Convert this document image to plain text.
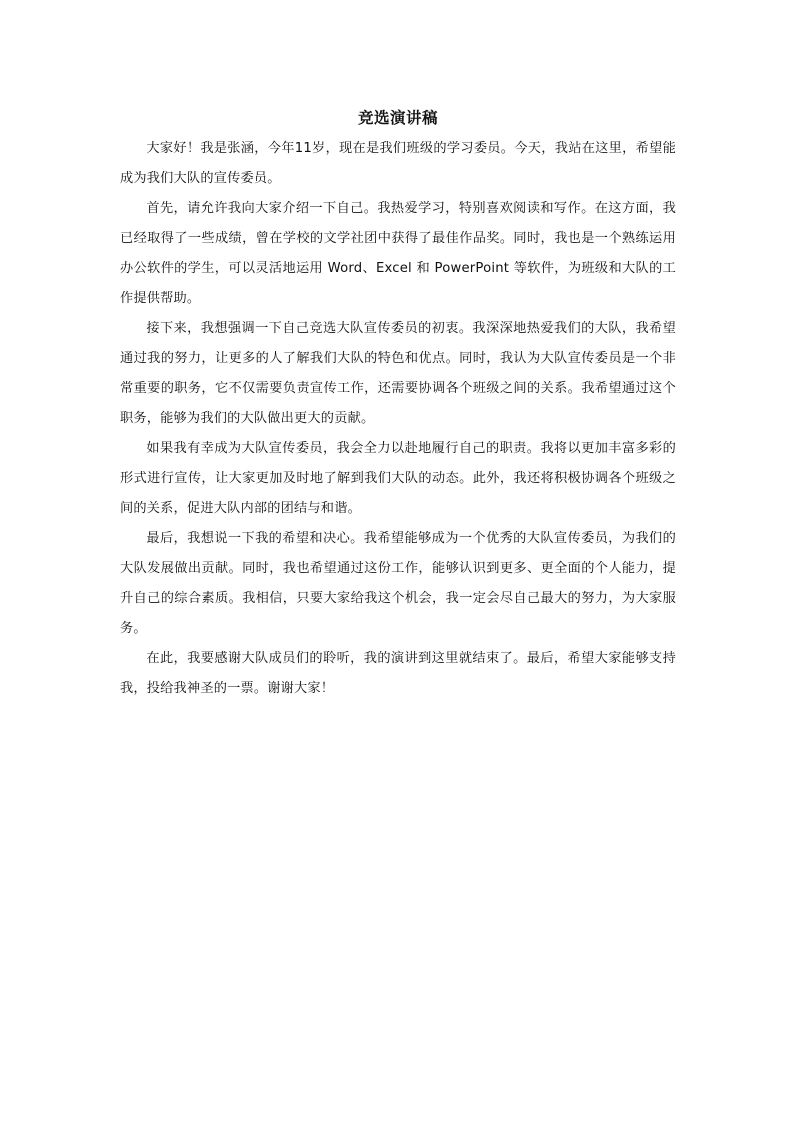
竞选演讲稿

大家好！我是张涵，今年11岁，现在是我们班级的学习委员。今天，我站在这里，希望能成为我们大队的宣传委员。

首先，请允许我向大家介绍一下自己。我热爱学习，特别喜欢阅读和写作。在这方面，我已经取得了一些成绩，曾在学校的文学社团中获得了最佳作品奖。同时，我也是一个熟练运用办公软件的学生，可以灵活地运用 Word、Excel 和 PowerPoint 等软件，为班级和大队的工作提供帮助。

接下来，我想强调一下自己竞选大队宣传委员的初衷。我深深地热爱我们的大队，我希望通过我的努力，让更多的人了解我们大队的特色和优点。同时，我认为大队宣传委员是一个非常重要的职务，它不仅需要负责宣传工作，还需要协调各个班级之间的关系。我希望通过这个职务，能够为我们的大队做出更大的贡献。

如果我有幸成为大队宣传委员，我会全力以赴地履行自己的职责。我将以更加丰富多彩的形式进行宣传，让大家更加及时地了解到我们大队的动态。此外，我还将积极协调各个班级之间的关系，促进大队内部的团结与和谐。

最后，我想说一下我的希望和决心。我希望能够成为一个优秀的大队宣传委员，为我们的大队发展做出贡献。同时，我也希望通过这份工作，能够认识到更多、更全面的个人能力，提升自己的综合素质。我相信，只要大家给我这个机会，我一定会尽自己最大的努力，为大家服务。

在此，我要感谢大队成员们的聆听，我的演讲到这里就结束了。最后，希望大家能够支持我，投给我神圣的一票。谢谢大家！
